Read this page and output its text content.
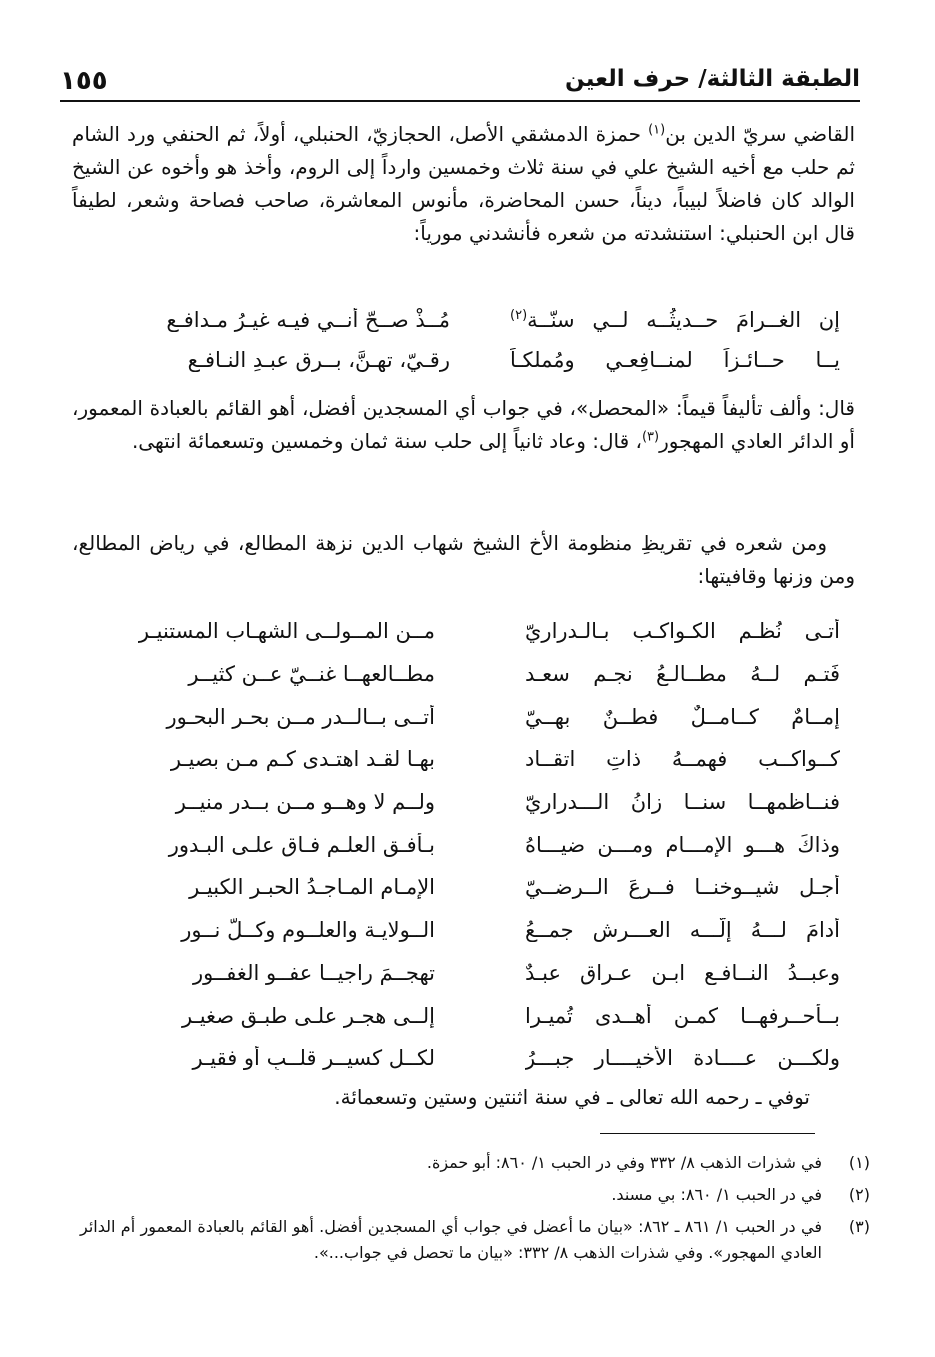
١٥٥	الطبقة الثالثة/ حرف العين

القاضي سريّ الدين بن$^{(١)}$ حمزة الدمشقي الأصل، الحجازيّ، الحنبلي، أولاً، ثم الحنفي ورد الشام ثم حلب مع أخيه الشيخ علي في سنة ثلاث وخمسين وارداً إلى الروم، وأخذ هو وأخوه عن الشيخ الوالد كان فاضلاً لبيباً، ديناً، حسن المحاضرة، مأنوس المعاشرة، صاحب فصاحة وشعر، لطيفاً قال ابن الحنبلي: استنشدته من شعره فأنشدني مورياً:

إن الغــرامَ حــديثُــه لــي سنّــة$^{(٢)}$
مُــذْ صــحّ أنــي فيـه غيـرُ مـدافـعِ
يــا حــائـزاً لمنــافِعـي ومُملكـاً
رقـيّ، تهـنَّ، بــرقِ عبـدِ النـافـعِ

قال: وألف تأليفاً قيماً: «المحصل»، في جواب أي المسجدين أفضل، أهو القائم بالعبادة المعمور، أو الدائر العادي المهجور$^{(٣)}$، قال: وعاد ثانياً إلى حلب سنة ثمان وخمسين وتسعمائة انتهى.

ومن شعره في تقريظِ منظومة الأخ الشيخ شهاب الدين نزهة المطالع، في رياض المطالع، ومن وزنها وقافيتها:

أتـى نُظـم الكـواكـب بـالـدراريّ
مــن المــولــى الشهـاب المستنيـرِ
فَتـم لــهُ مطــالـعُ نجـم سعـد
مطــالعهــا غنــيّ عــن كثيــرِ
إمــامٌ كــامــلٌ فطــنٌ بهــيّ
أتــى بــالــدرِ مــن بحـرِ البحـورِ
كــواكــب فهمــهُ ذاتِ اتقــاد
بهـا لقـد اهتـدى كـم مـن بصيـرِ
فنــاظمهــا سنــا زانُ الـــدراريّ
ولــم لا وهــو مــن بــدرٍ منيــرِ
وذاكَ هـــو الإمـــام ومـــن ضيـــاهُ
بـأفـقِ العلـم فـاق علـى البـدورِ
أجـل شيــوخنــا فــرعَ الــرضــيّ
الإمـام المـاجـدُ الحبـر الكبيـرِ
أدامَ لـــهُ إلّـــه العـــرشِ جمــعُ
الــولايـة والعلــوم وكــلُّ نــورِ
وعبــدُ النــافـع ابـن عـراقٍ عبـدٌ
تهجــمَ راجيــا عفــو الغفــورِ
بــأحــرفهــا كمـن أهــدى تُميـرا
إلــى هجـرٍ علـى طبـق صغيـرِ
ولكـــن عــــادة الأخيــــارِ جبـــرُ
لكــلِ كسيــرٍ قلــبٍ أو فقيـرِ

توفي ـ رحمه الله تعالى ـ في سنة اثنتين وستين وتسعمائة.

(١)
في شذرات الذهب ٨/ ٣٣٢ وفي در الحبب ١/ ٨٦٠: أبو حمزة.
(٢)
في در الحبب ١/ ٨٦٠: بي مسند.
(٣)
في در الحبب ١/ ٨٦١ ـ ٨٦٢: «بيان ما أعضل في جواب أي المسجدين أفضل. أهو القائم بالعبادة المعمور أم الدائر العادي المهجور». وفي شذرات الذهب ٨/ ٣٣٢: «بيان ما تحصل في جواب...».
